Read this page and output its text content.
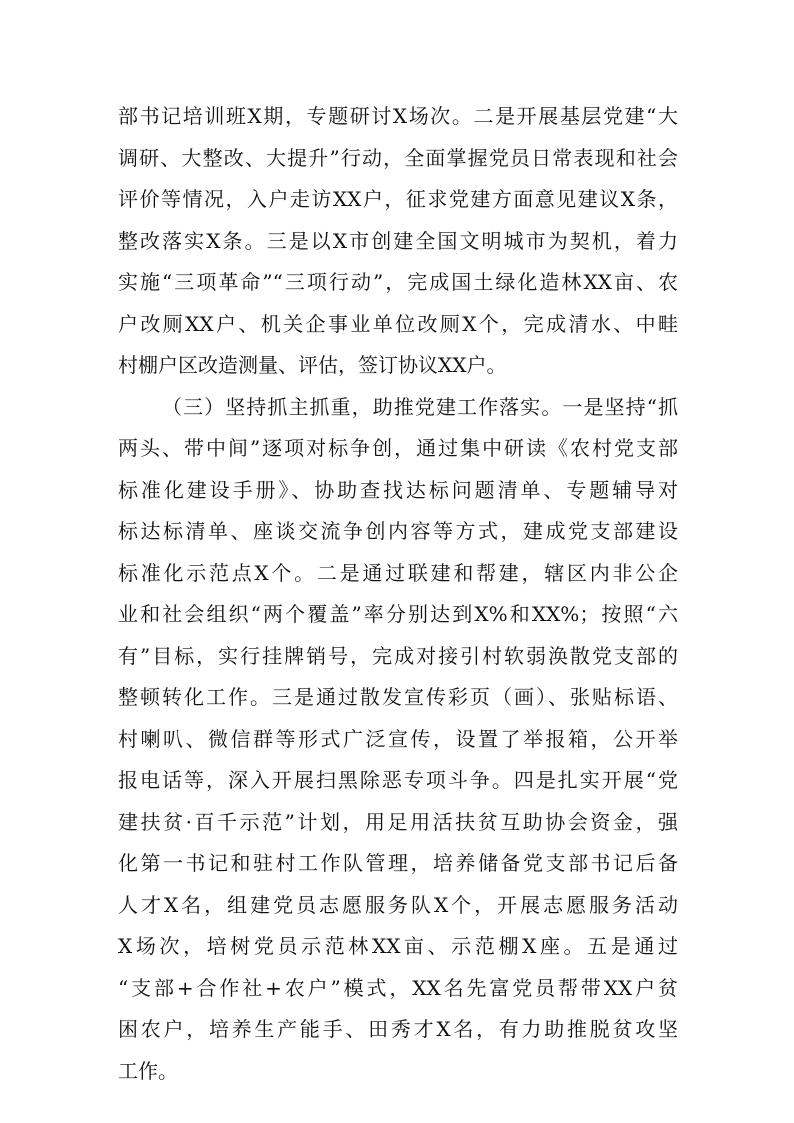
部书记培训班X期，专题研讨X场次。二是开展基层党建“大
调研、大整改、大提升”行动，全面掌握党员日常表现和社会
评价等情况，入户走访XX户，征求党建方面意见建议X条，
整改落实X条。三是以X市创建全国文明城市为契机，着力
实施“三项革命”“三项行动”，完成国土绿化造林XX亩、农
户改厕XX户、机关企事业单位改厕X个，完成清水、中畦
村棚户区改造测量、评估，签订协议XX户。
（三）坚持抓主抓重，助推党建工作落实。一是坚持“抓
两头、带中间”逐项对标争创，通过集中研读《农村党支部
标准化建设手册》、协助查找达标问题清单、专题辅导对
标达标清单、座谈交流争创内容等方式，建成党支部建设
标准化示范点X个。二是通过联建和帮建，辖区内非公企
业和社会组织“两个覆盖”率分别达到X%和XX%；按照“六
有”目标，实行挂牌销号，完成对接引村软弱涣散党支部的
整顿转化工作。三是通过散发宣传彩页（画）、张贴标语、
村喇叭、微信群等形式广泛宣传，设置了举报箱，公开举
报电话等，深入开展扫黑除恶专项斗争。四是扎实开展“党
建扶贫·百千示范”计划，用足用活扶贫互助协会资金，强
化第一书记和驻村工作队管理，培养储备党支部书记后备
人才X名，组建党员志愿服务队X个，开展志愿服务活动
X场次，培树党员示范林XX亩、示范棚X座。五是通过
“支部+合作社+农户”模式，XX名先富党员帮带XX户贫
困农户，培养生产能手、田秀才X名，有力助推脱贫攻坚
工作。
